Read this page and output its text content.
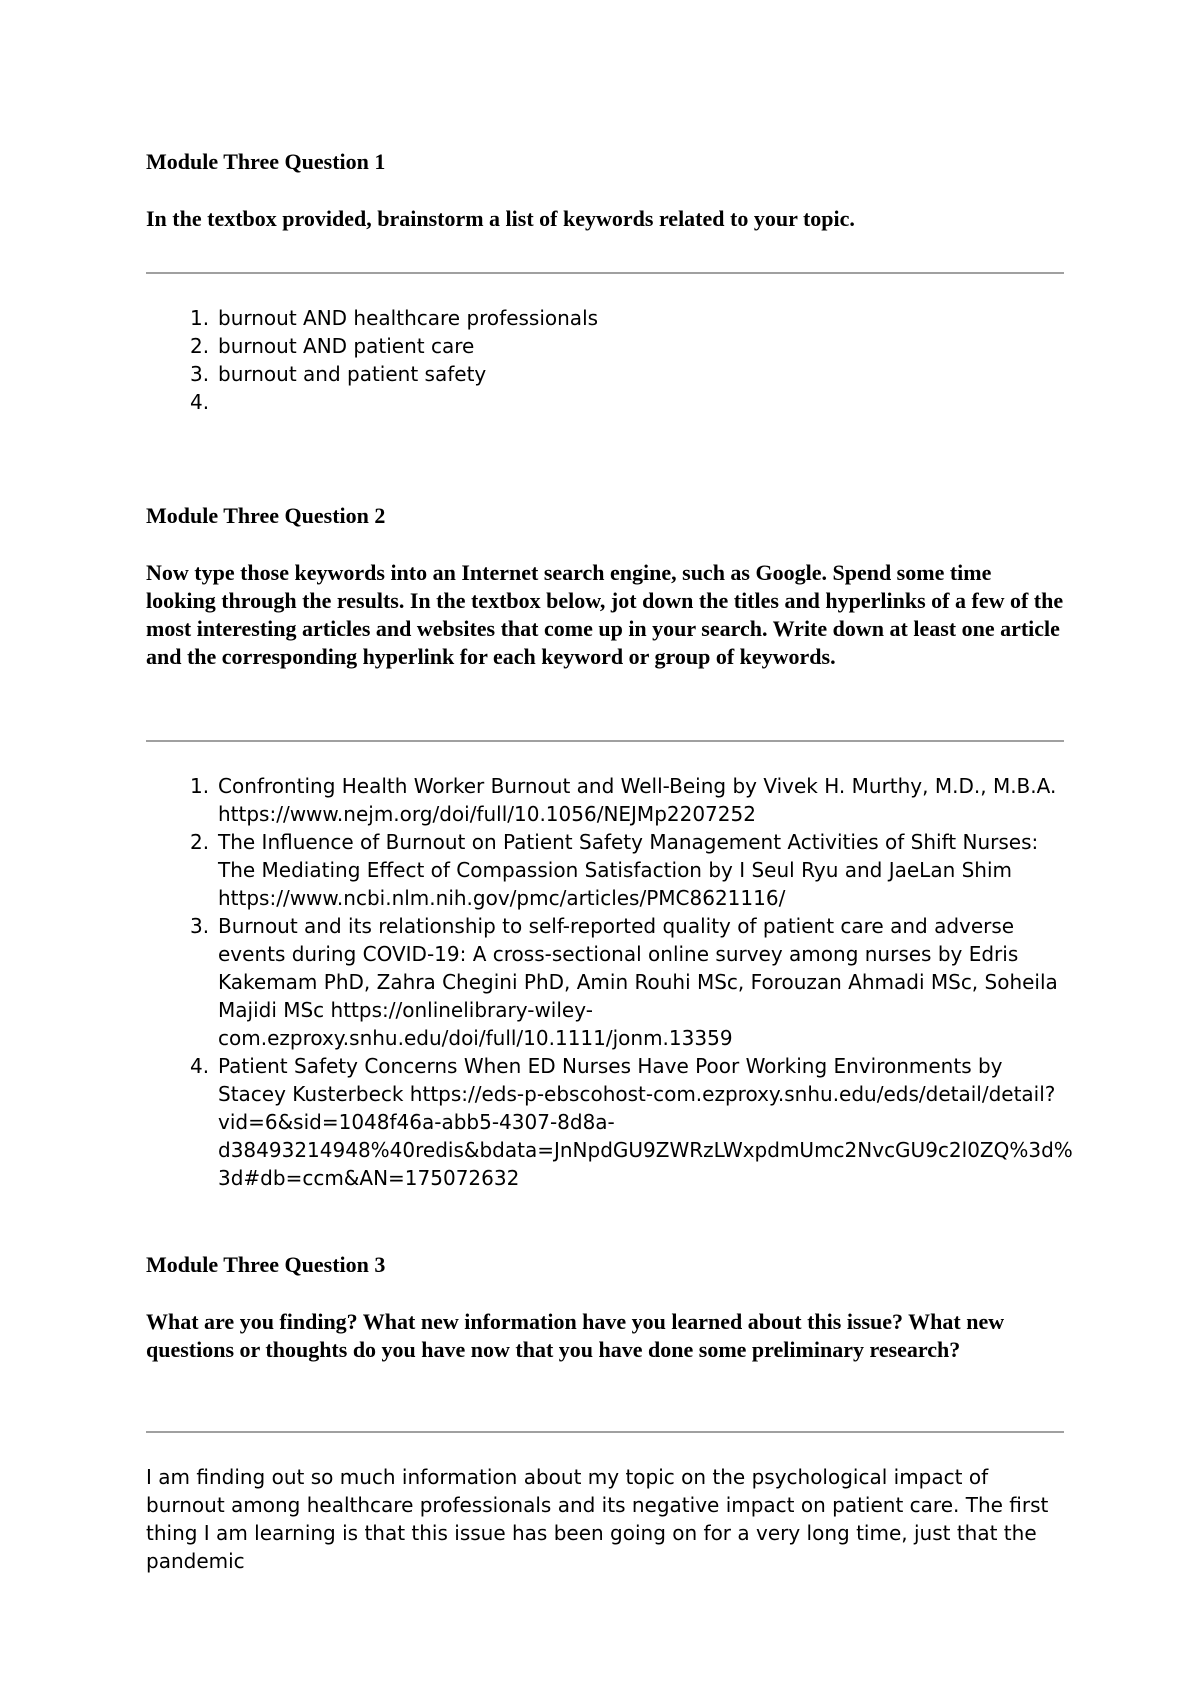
Module Three Question 1

In the textbox provided, brainstorm a list of keywords related to your topic.

1. burnout AND healthcare professionals
2. burnout AND patient care
3. burnout and patient safety
4.

Module Three Question 2

Now type those keywords into an Internet search engine, such as Google. Spend some time looking through the results. In the textbox below, jot down the titles and hyperlinks of a few of the most interesting articles and websites that come up in your search. Write down at least one article and the corresponding hyperlink for each keyword or group of keywords.

1. Confronting Health Worker Burnout and Well-Being by Vivek H. Murthy, M.D., M.B.A. https://www.nejm.org/doi/full/10.1056/NEJMp2207252
2. The Influence of Burnout on Patient Safety Management Activities of Shift Nurses: The Mediating Effect of Compassion Satisfaction by I Seul Ryu and JaeLan Shim https://www.ncbi.nlm.nih.gov/pmc/articles/PMC8621116/
3. Burnout and its relationship to self-reported quality of patient care and adverse events during COVID-19: A cross-sectional online survey among nurses by Edris Kakemam PhD, Zahra Chegini PhD, Amin Rouhi MSc, Forouzan Ahmadi MSc, Soheila Majidi MSc https://onlinelibrary-wiley-com.ezproxy.snhu.edu/doi/full/10.1111/jonm.13359
4. Patient Safety Concerns When ED Nurses Have Poor Working Environments by Stacey Kusterbeck https://eds-p-ebscohost-com.ezproxy.snhu.edu/eds/detail/detail?vid=6&sid=1048f46a-abb5-4307-8d8a-d38493214948%40redis&bdata=JnNpdGU9ZWRzLWxpdmUmc2NvcGU9c2l0ZQ%3d%3d#db=ccm&AN=175072632
Module Three Question 3

What are you finding? What new information have you learned about this issue? What new questions or thoughts do you have now that you have done some preliminary research?

I am finding out so much information about my topic on the psychological impact of burnout among healthcare professionals and its negative impact on patient care. The first thing I am learning is that this issue has been going on for a very long time, just that the pandemic
